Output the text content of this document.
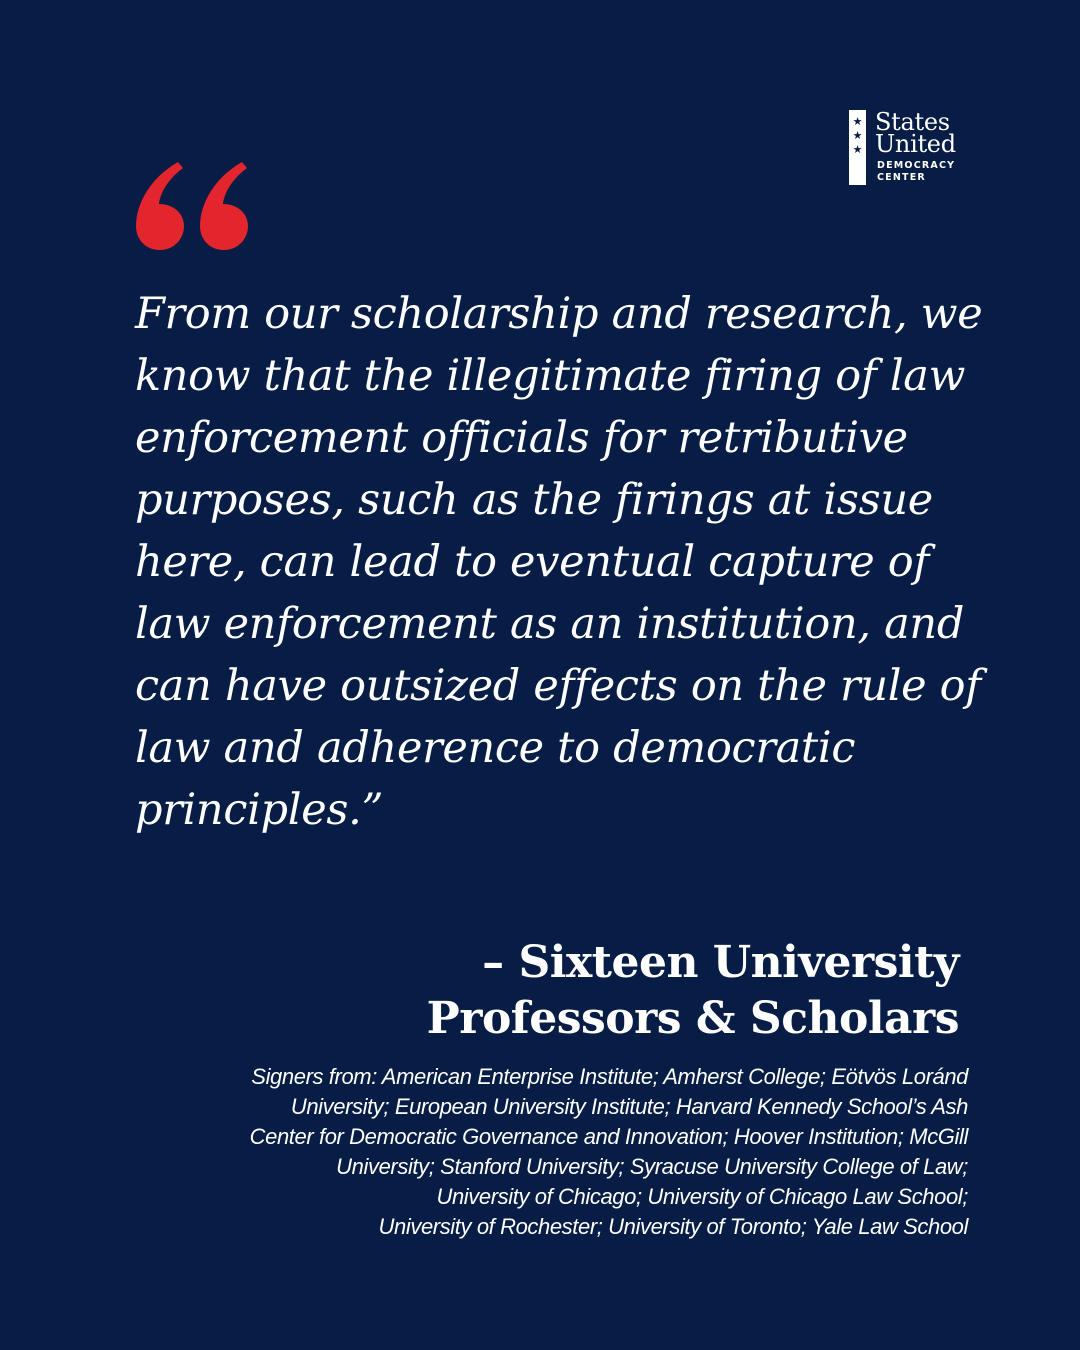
★
★
★
States
United
DEMOCRACY
CENTER

From our scholarship and research, we
know that the illegitimate firing of law
enforcement officials for retributive
purposes, such as the firings at issue
here, can lead to eventual capture of
law enforcement as an institution, and
can have outsized effects on the rule of
law and adherence to democratic
principles.”

– Sixteen University
Professors & Scholars
Signers from: American Enterprise Institute; Amherst College; Eötvös Loránd
University; European University Institute; Harvard Kennedy School’s Ash
Center for Democratic Governance and Innovation; Hoover Institution; McGill
University; Stanford University; Syracuse University College of Law;
University of Chicago; University of Chicago Law School;
University of Rochester; University of Toronto; Yale Law School
